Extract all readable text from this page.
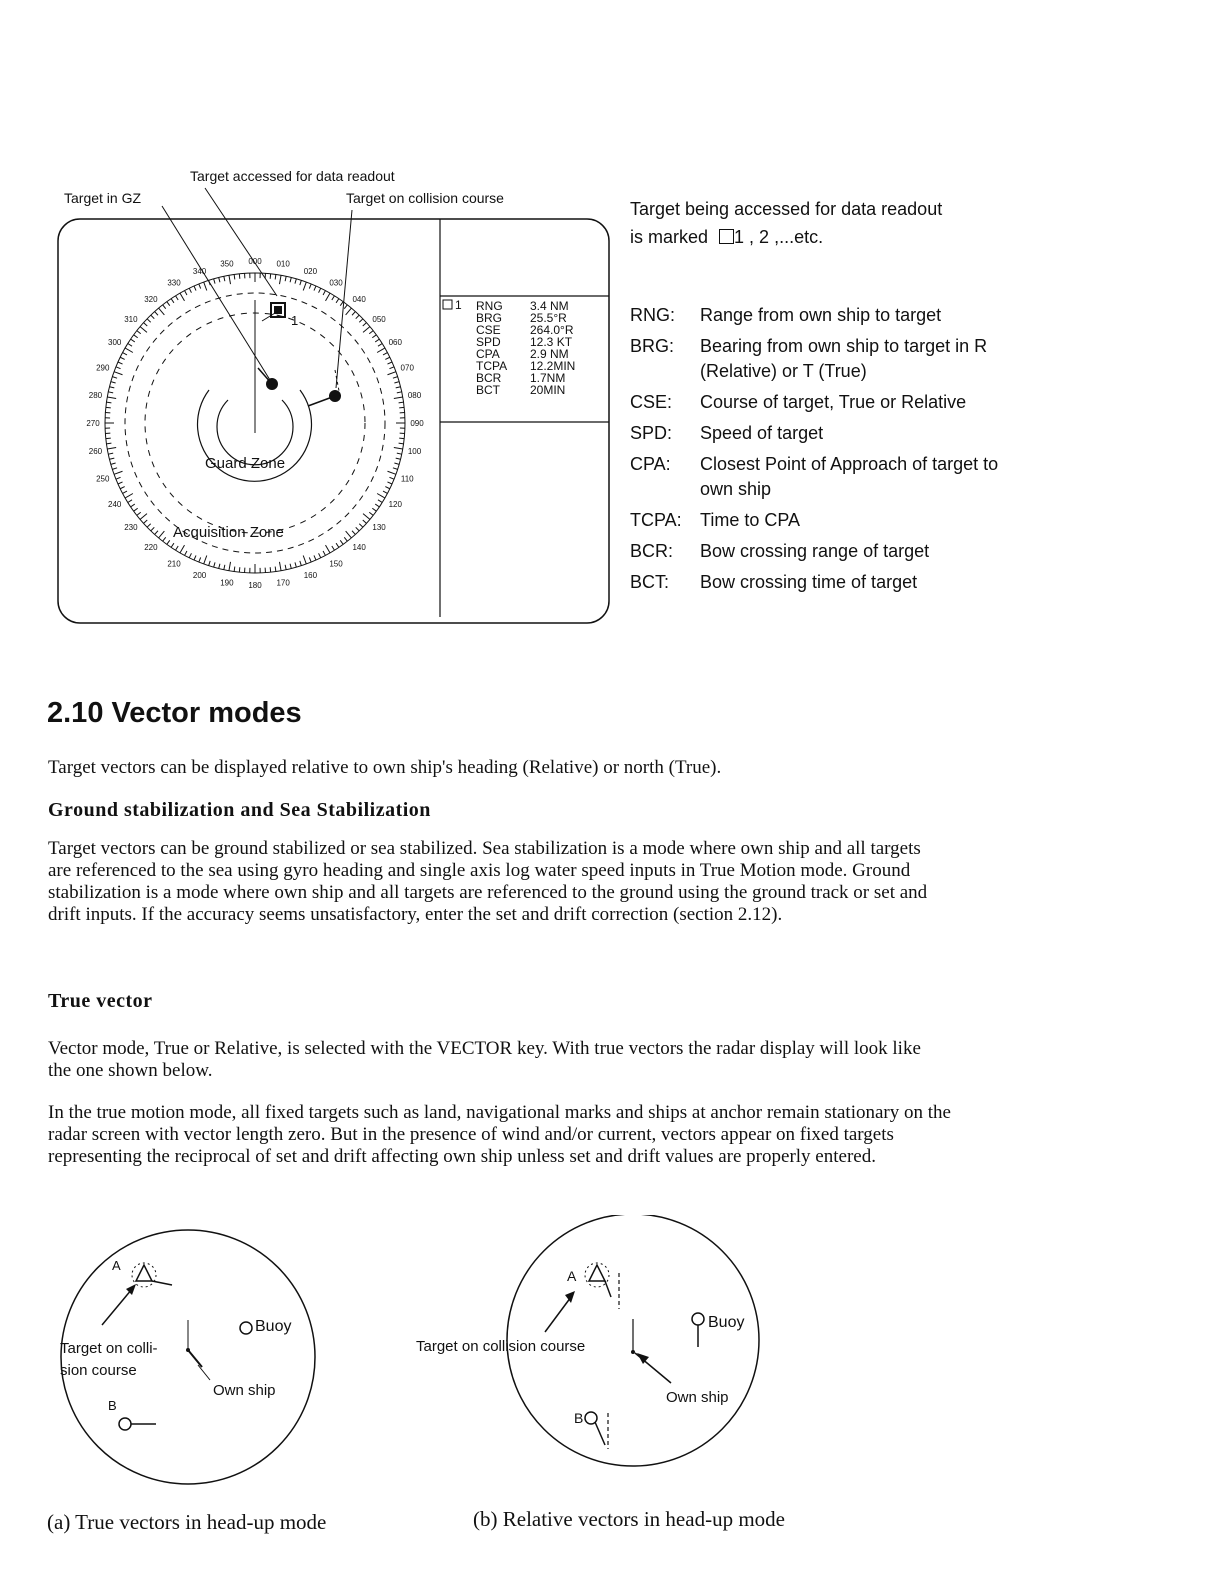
Target accessed for data readout
Target in GZ	Target on collision course
350 000 010
020
030
040
050
060
070
080
090
100
110
120
130
140
150
160
170
180
190
200
210
220
230
240
250
260
270
280
290
300
310
320
330
340
1
Guard Zone
Acquisition Zone
1 RNG	3.4 NM
BRG	25.5°R
CSE	264.0°R
SPD	12.3 KT
CPA	2.9 NM
TCPA	12.2MIN
BCR	1.7NM
BCT	20MIN
Target being accessed for data readout
is marked 1 , 2 ,...etc.
RNG:	Range from own ship to target
BRG:	Bearing from own ship to target in R (Relative) or T (True)
CSE:	Course of target, True or Relative
SPD:	Speed of target
CPA:	Closest Point of Approach of target to own ship
TCPA:	Time to CPA
BCR:	Bow crossing range of target
BCT:	Bow crossing time of target
2.10 Vector modes

Target vectors can be displayed relative to own ship's heading (Relative) or north (True).

Ground stabilization and Sea Stabilization

Target vectors can be ground stabilized or sea stabilized. Sea stabilization is a mode where own ship and all targets are referenced to the sea using gyro heading and single axis log water speed inputs in True Motion mode. Ground stabilization is a mode where own ship and all targets are referenced to the ground using the ground track or set and drift inputs. If the accuracy seems unsatisfactory, enter the set and drift correction (section 2.12).

True vector

Vector mode, True or Relative, is selected with the VECTOR key. With true vectors the radar display will look like the one shown below.

In the true motion mode, all fixed targets such as land, navigational marks and ships at anchor remain stationary on the radar screen with vector length zero. But in the presence of wind and/or current, vectors appear on fixed targets representing the reciprocal of set and drift affecting own ship unless set and drift values are properly entered.

A
Buoy
Target on colli-
sion course
Own ship
B
(a) True vectors in head-up mode
A
Buoy
Target on collision course
Own ship
B
(b) Relative vectors in head-up mode
